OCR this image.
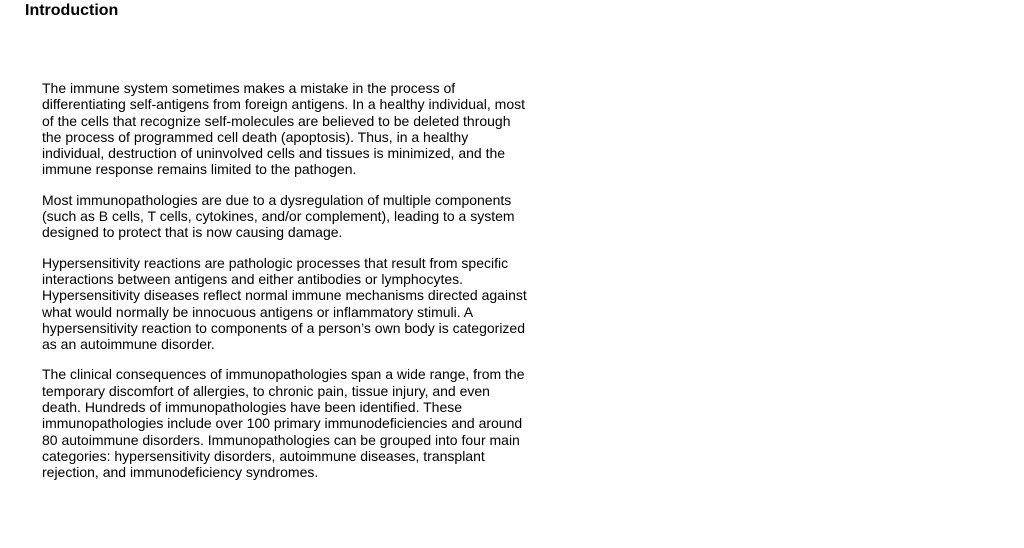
Introduction

The immune system sometimes makes a mistake in the process of differentiating self-antigens from foreign antigens. In a healthy individual, most of the cells that recognize self-molecules are believed to be deleted through the process of programmed cell death (apoptosis). Thus, in a healthy individual, destruction of uninvolved cells and tissues is minimized, and the immune response remains limited to the pathogen.

Most immunopathologies are due to a dysregulation of multiple components (such as B cells, T cells, cytokines, and/or complement), leading to a system designed to protect that is now causing damage.

Hypersensitivity reactions are pathologic processes that result from specific interactions between antigens and either antibodies or lymphocytes. Hypersensitivity diseases reflect normal immune mechanisms directed against what would normally be innocuous antigens or inflammatory stimuli. A hypersensitivity reaction to components of a person’s own body is categorized as an autoimmune disorder.

The clinical consequences of immunopathologies span a wide range, from the temporary discomfort of allergies, to chronic pain, tissue injury, and even death. Hundreds of immunopathologies have been identified. These immunopathologies include over 100 primary immunodeficiencies and around 80 autoimmune disorders. Immunopathologies can be grouped into four main categories: hypersensitivity disorders, autoimmune diseases, transplant rejection, and immunodeficiency syndromes.
